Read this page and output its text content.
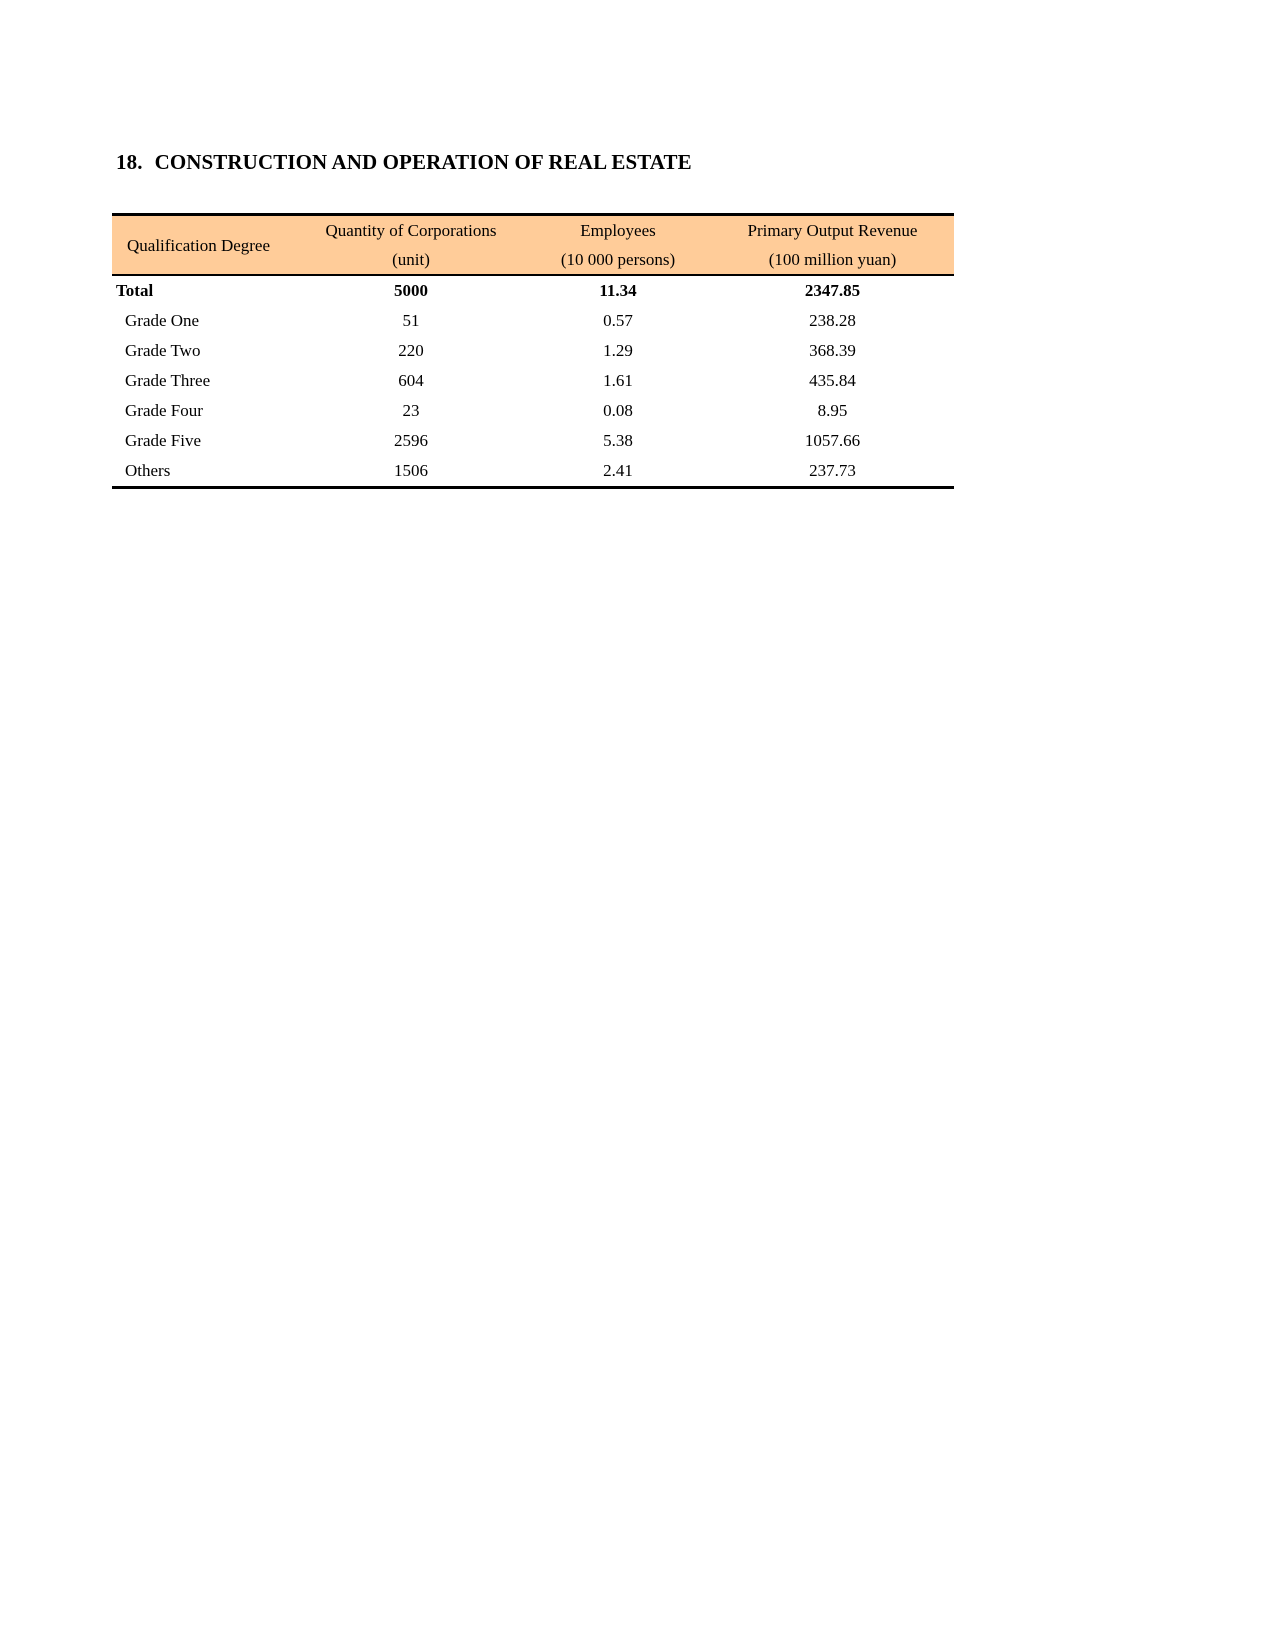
18. CONSTRUCTION AND OPERATION OF REAL ESTATE
Qualification Degree	Quantity of Corporations	Employees	Primary Output Revenue
	(unit)	(10 000 persons)	(100 million yuan)
Total	5000	11.34	2347.85
Grade One	51	0.57	238.28
Grade Two	220	1.29	368.39
Grade Three	604	1.61	435.84
Grade Four	23	0.08	8.95
Grade Five	2596	5.38	1057.66
Others	1506	2.41	237.73
